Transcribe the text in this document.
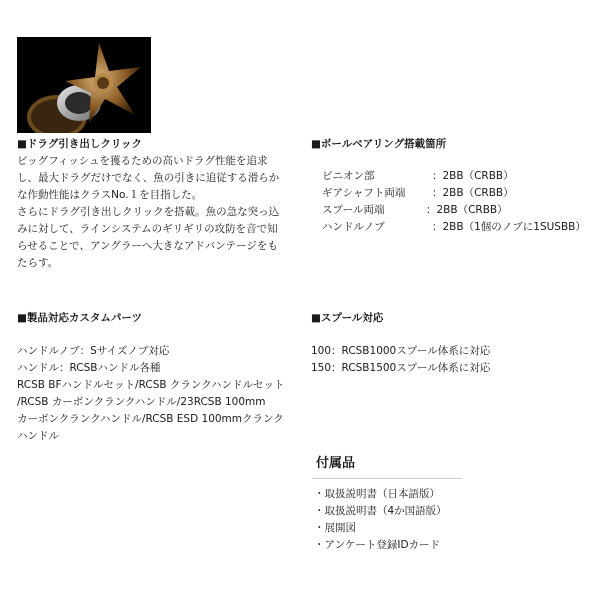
■ドラグ引き出しクリック
ビッグフィッシュを獲るための高いドラグ性能を追求
し、最大ドラグだけでなく、魚の引きに追従する滑らか
な作動性能はクラスNo.１を目指した。
さらにドラグ引き出しクリックを搭載。魚の急な突っ込
みに対して、ラインシステムのギリギリの攻防を音で知
らせることで、アングラーへ大きなアドバンテージをも
たらす。
■製品対応カスタムパーツ
ハンドルノブ：Sサイズノブ対応
ハンドル：RCSBハンドル各種
RCSB BFハンドルセット/RCSB クランクハンドルセット
/RCSB カーボンクランクハンドル/23RCSB 100mm
カーボンクランクハンドル/RCSB ESD 100mmクランク
ハンドル
■ボールベアリング搭載箇所
ピニオン部	：2BB（CRBB）
ギアシャフト両端	：2BB（CRBB）
スプール両端	：2BB（CRBB）
ハンドルノブ	：2BB（1個のノブに1SUSBB）
■スプール対応
100：RCSB1000スプール体系に対応
150：RCSB1500スプール体系に対応
付属品
・取扱説明書（日本語版）
・取扱説明書（4か国語版）
・展開図
・アンケート登録IDカード
